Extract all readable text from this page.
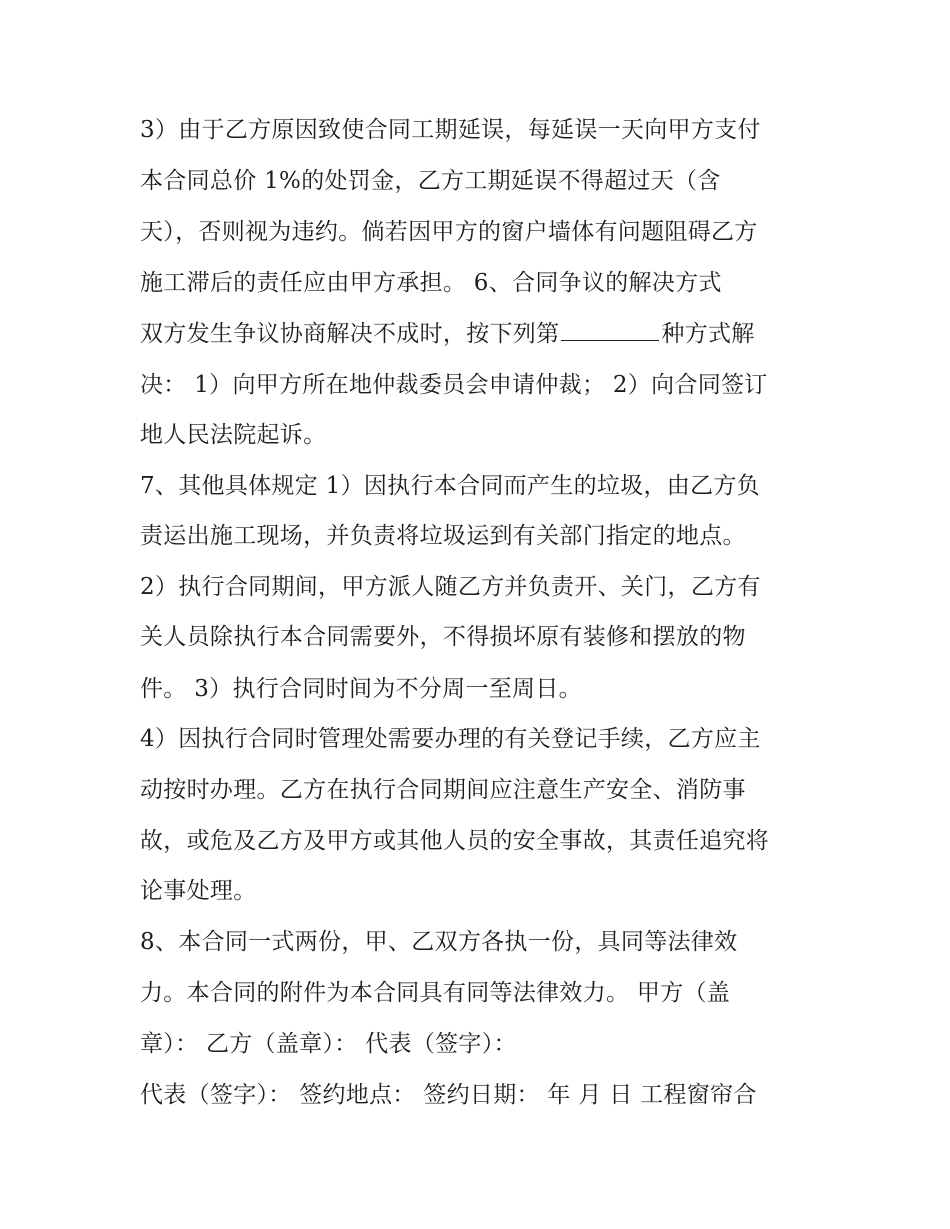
3）由于乙方原因致使合同工期延误，每延误一天向甲方支付
本合同总价 1%的处罚金，乙方工期延误不得超过天（含
天），否则视为违约。倘若因甲方的窗户墙体有问题阻碍乙方
施工滞后的责任应由甲方承担。 6、合同争议的解决方式
双方发生争议协商解决不成时，按下列第	种方式解
决： 1）向甲方所在地仲裁委员会申请仲裁； 2）向合同签订
地人民法院起诉。
7、其他具体规定 1）因执行本合同而产生的垃圾，由乙方负
责运出施工现场，并负责将垃圾运到有关部门指定的地点。
2）执行合同期间，甲方派人随乙方并负责开、关门，乙方有
关人员除执行本合同需要外，不得损坏原有装修和摆放的物
件。 3）执行合同时间为不分周一至周日。
4）因执行合同时管理处需要办理的有关登记手续，乙方应主
动按时办理。乙方在执行合同期间应注意生产安全、消防事
故，或危及乙方及甲方或其他人员的安全事故，其责任追究将
论事处理。
8、本合同一式两份，甲、乙双方各执一份，具同等法律效
力。本合同的附件为本合同具有同等法律效力。 甲方（盖
章）： 乙方（盖章）： 代表（签字）：
代表（签字）： 签约地点： 签约日期： 年 月 日 工程窗帘合
